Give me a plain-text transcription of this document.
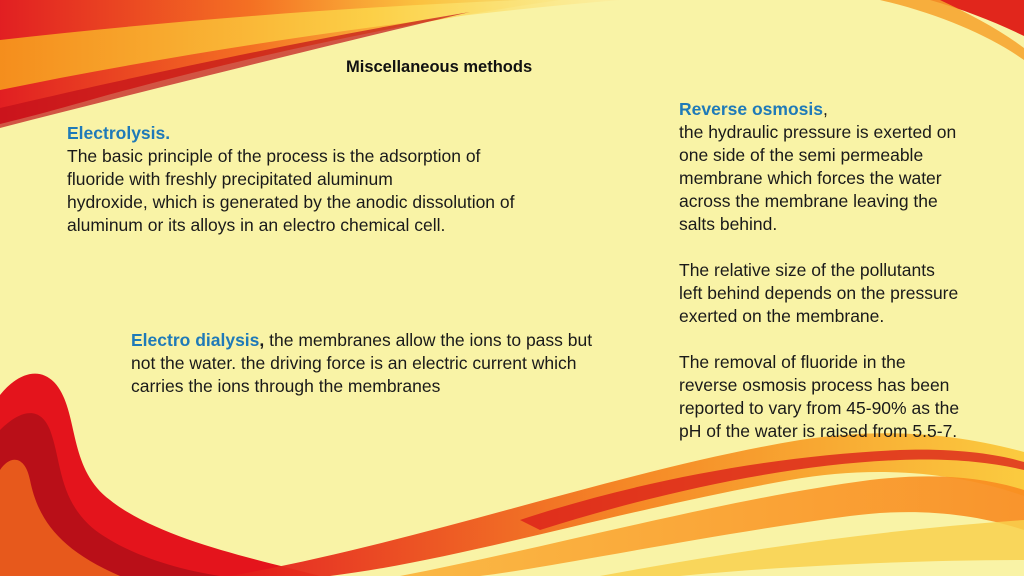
Miscellaneous methods
Electrolysis.
The basic principle of the process is the adsorption of
fluoride with freshly precipitated aluminum
hydroxide, which is generated by the anodic dissolution of
aluminum or its alloys in an electro chemical cell.
Electro dialysis, the membranes allow the ions to pass but not the water. the driving force is an electric current which carries the ions through the membranes
Reverse osmosis,
the hydraulic pressure is exerted on
one side of the semi permeable
membrane which forces the water
across the membrane leaving the
salts behind.
The relative size of the pollutants
left behind depends on the pressure
exerted on the membrane.
The removal of fluoride in the
reverse osmosis process has been
reported to vary from 45-90% as the
pH of the water is raised from 5.5-7.
